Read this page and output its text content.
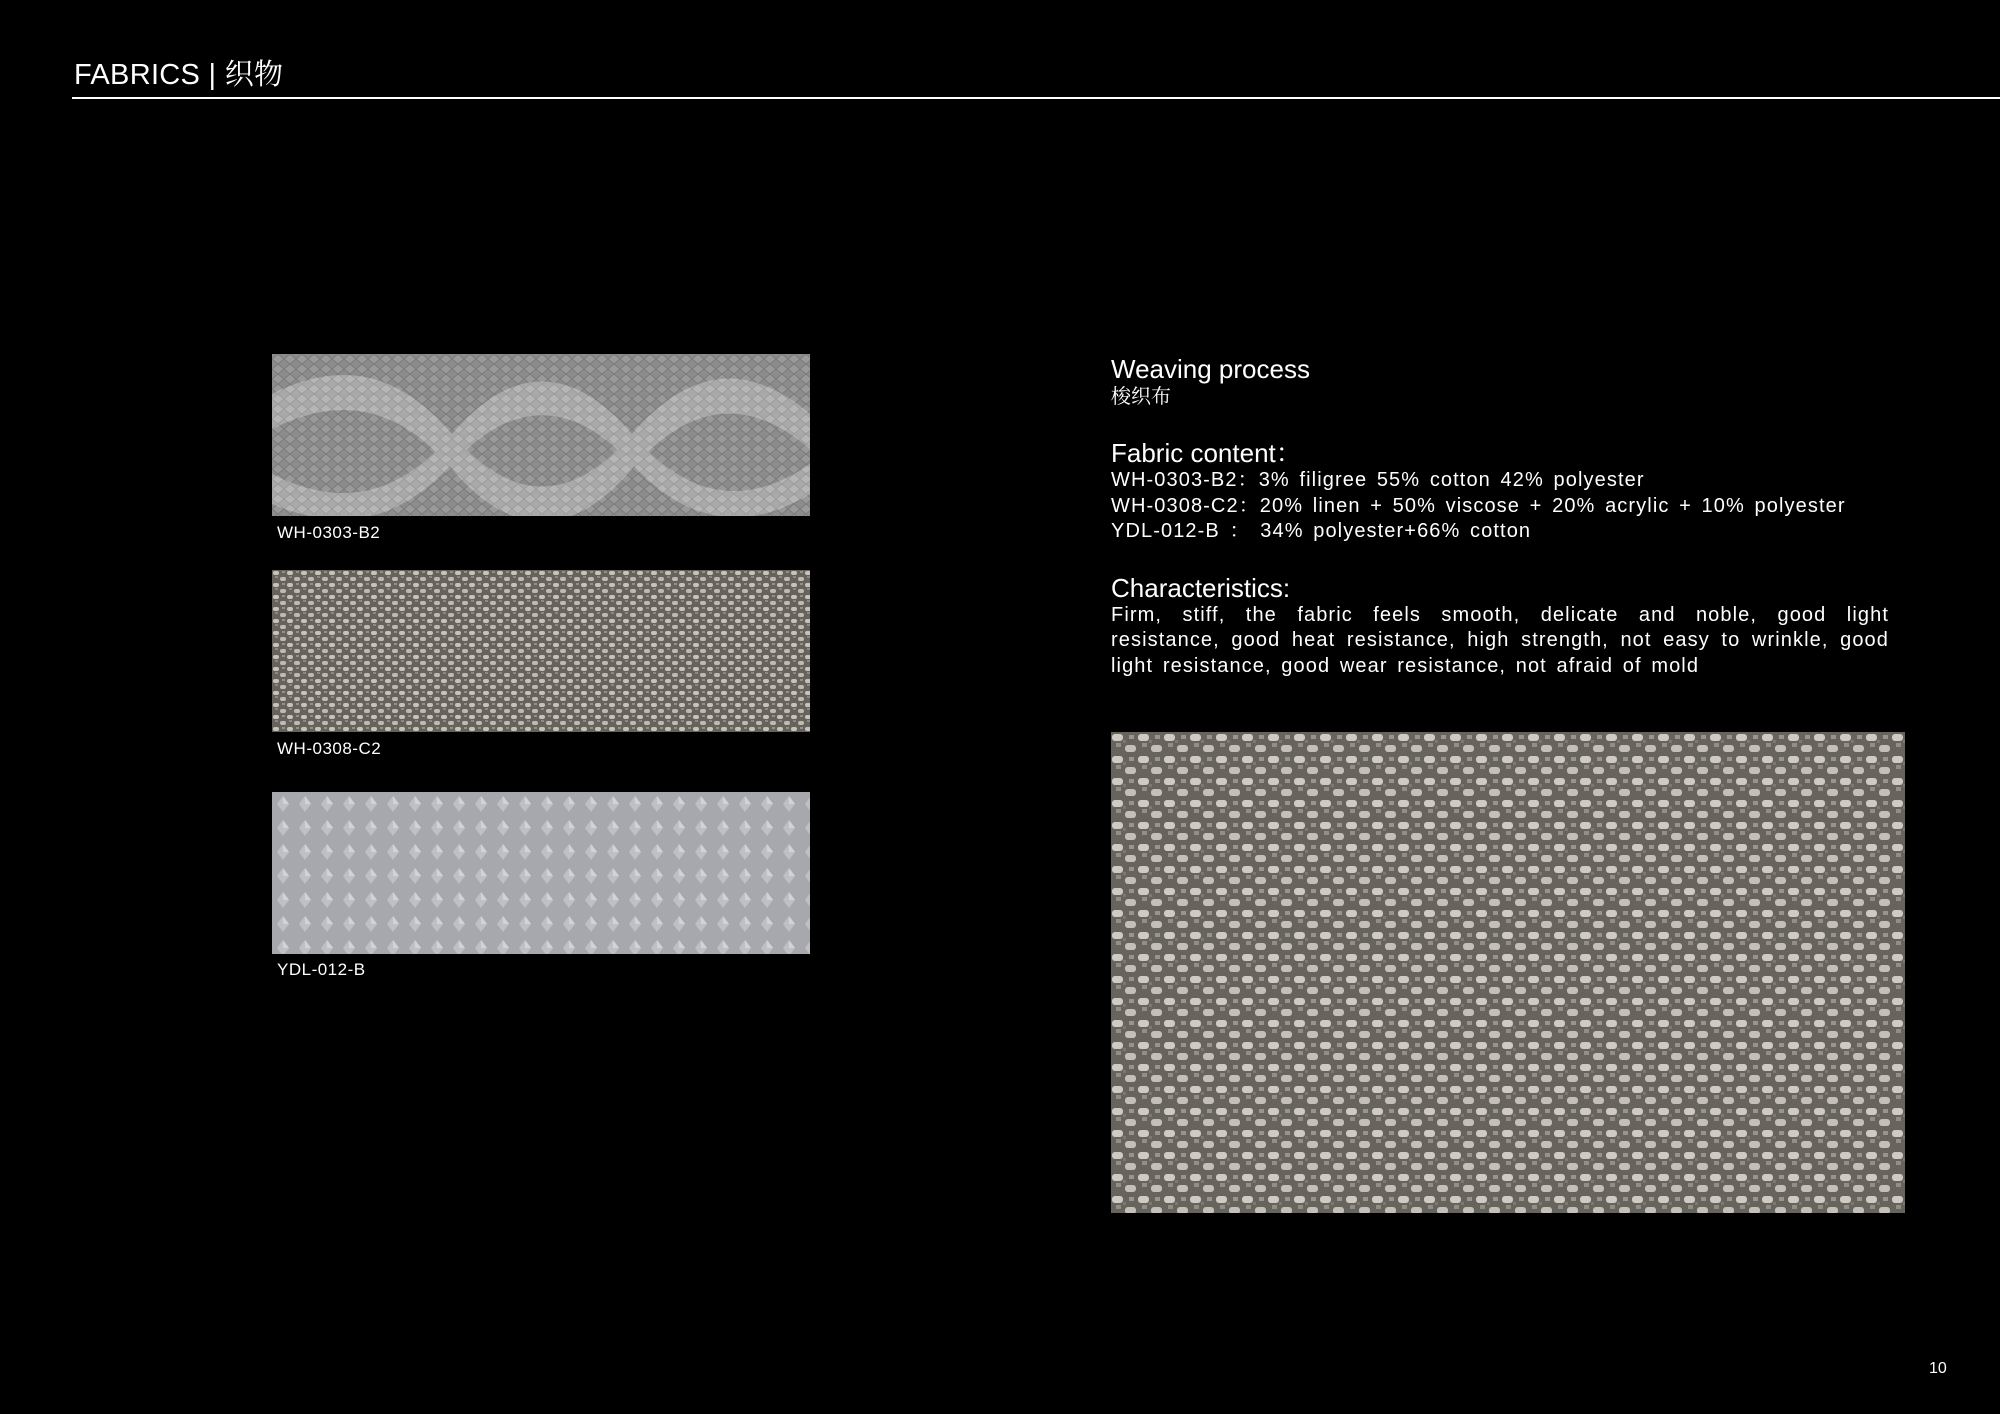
FABRICS | 织物
WH-0303-B2
WH-0308-C2
YDL-012-B
Weaving process
梭织布
Fabric content：
WH-0303-B2：3% filigree 55% cotton 42% polyester
WH-0308-C2：20% linen + 50% viscose + 20% acrylic + 10% polyester
YDL-012-B ： 34% polyester+66% cotton
Characteristics:
Firm, stiff, the fabric feels smooth, delicate and noble, good light resistance, good heat resistance, high strength, not easy to wrinkle, good light resistance, good wear resistance, not afraid of mold
10
